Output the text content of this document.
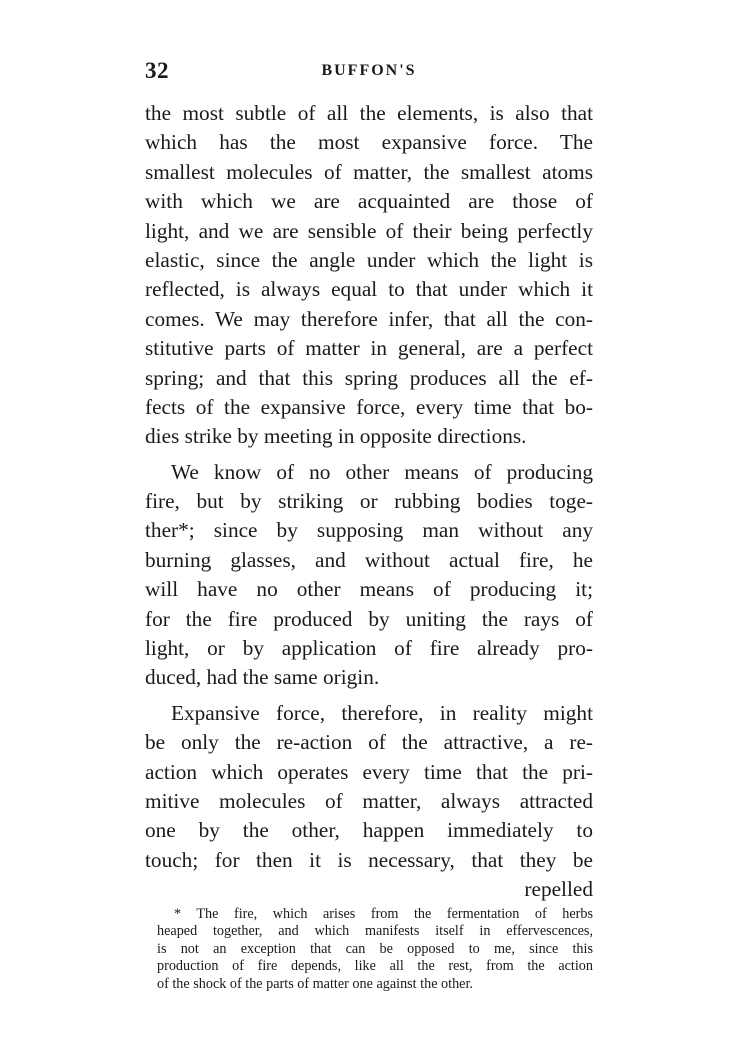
32	BUFFON'S
the most subtle of all the elements, is also that
which has the most expansive force. The
smallest molecules of matter, the smallest atoms
with which we are acquainted are those of
light, and we are sensible of their being perfectly
elastic, since the angle under which the light is
reflected, is always equal to that under which it
comes. We may therefore infer, that all the con-
stitutive parts of matter in general, are a perfect
spring; and that this spring produces all the ef-
fects of the expansive force, every time that bo-
dies strike by meeting in opposite directions.
We know of no other means of producing
fire, but by striking or rubbing bodies toge-
ther*; since by supposing man without any
burning glasses, and without actual fire, he
will have no other means of producing it;
for the fire produced by uniting the rays of
light, or by application of fire already pro-
duced, had the same origin.
Expansive force, therefore, in reality might
be only the re-action of the attractive, a re-
action which operates every time that the pri-
mitive molecules of matter, always attracted
one by the other, happen immediately to
touch; for then it is necessary, that they be
repelled
* The fire, which arises from the fermentation of herbs
heaped together, and which manifests itself in effervescences,
is not an exception that can be opposed to me, since this
production of fire depends, like all the rest, from the action
of the shock of the parts of matter one against the other.
